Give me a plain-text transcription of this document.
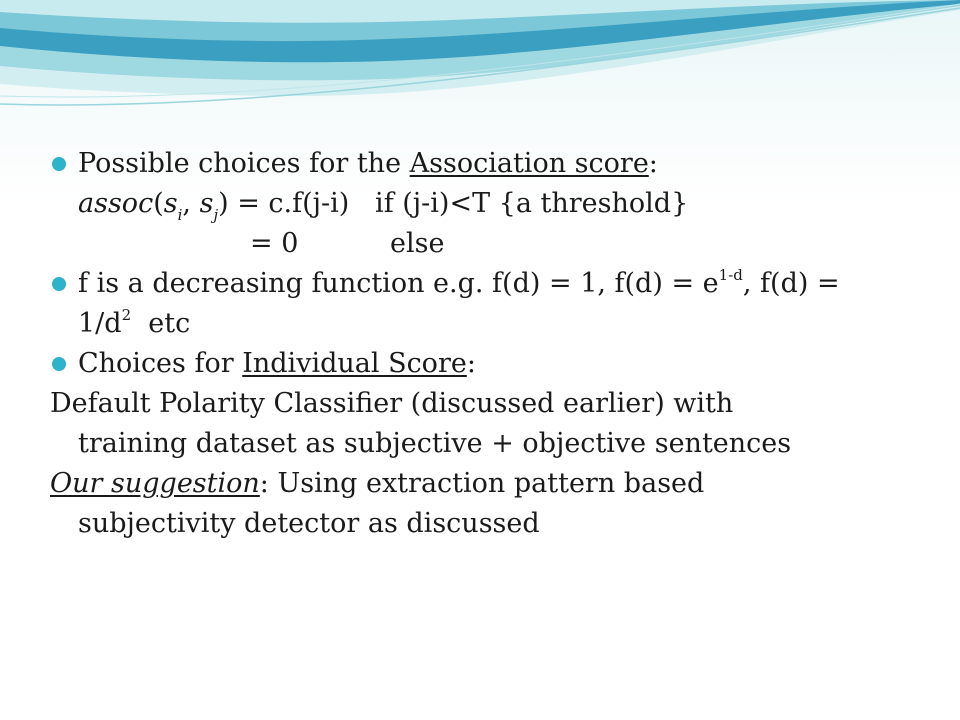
Possible choices for the Association score:
$assoc(s_i$, $s_j) = c.f(j-i)$   if (j-i)<T {a threshold}
= 0	else
f is a decreasing function e.g. f(d) = 1, $f(d) = e^{1-d}$, f(d) =
$1/d^2$  etc
Choices for Individual Score:
Default Polarity Classifier (discussed earlier) with
training dataset as subjective + objective sentences
Our suggestion: Using extraction pattern based
subjectivity detector as discussed
